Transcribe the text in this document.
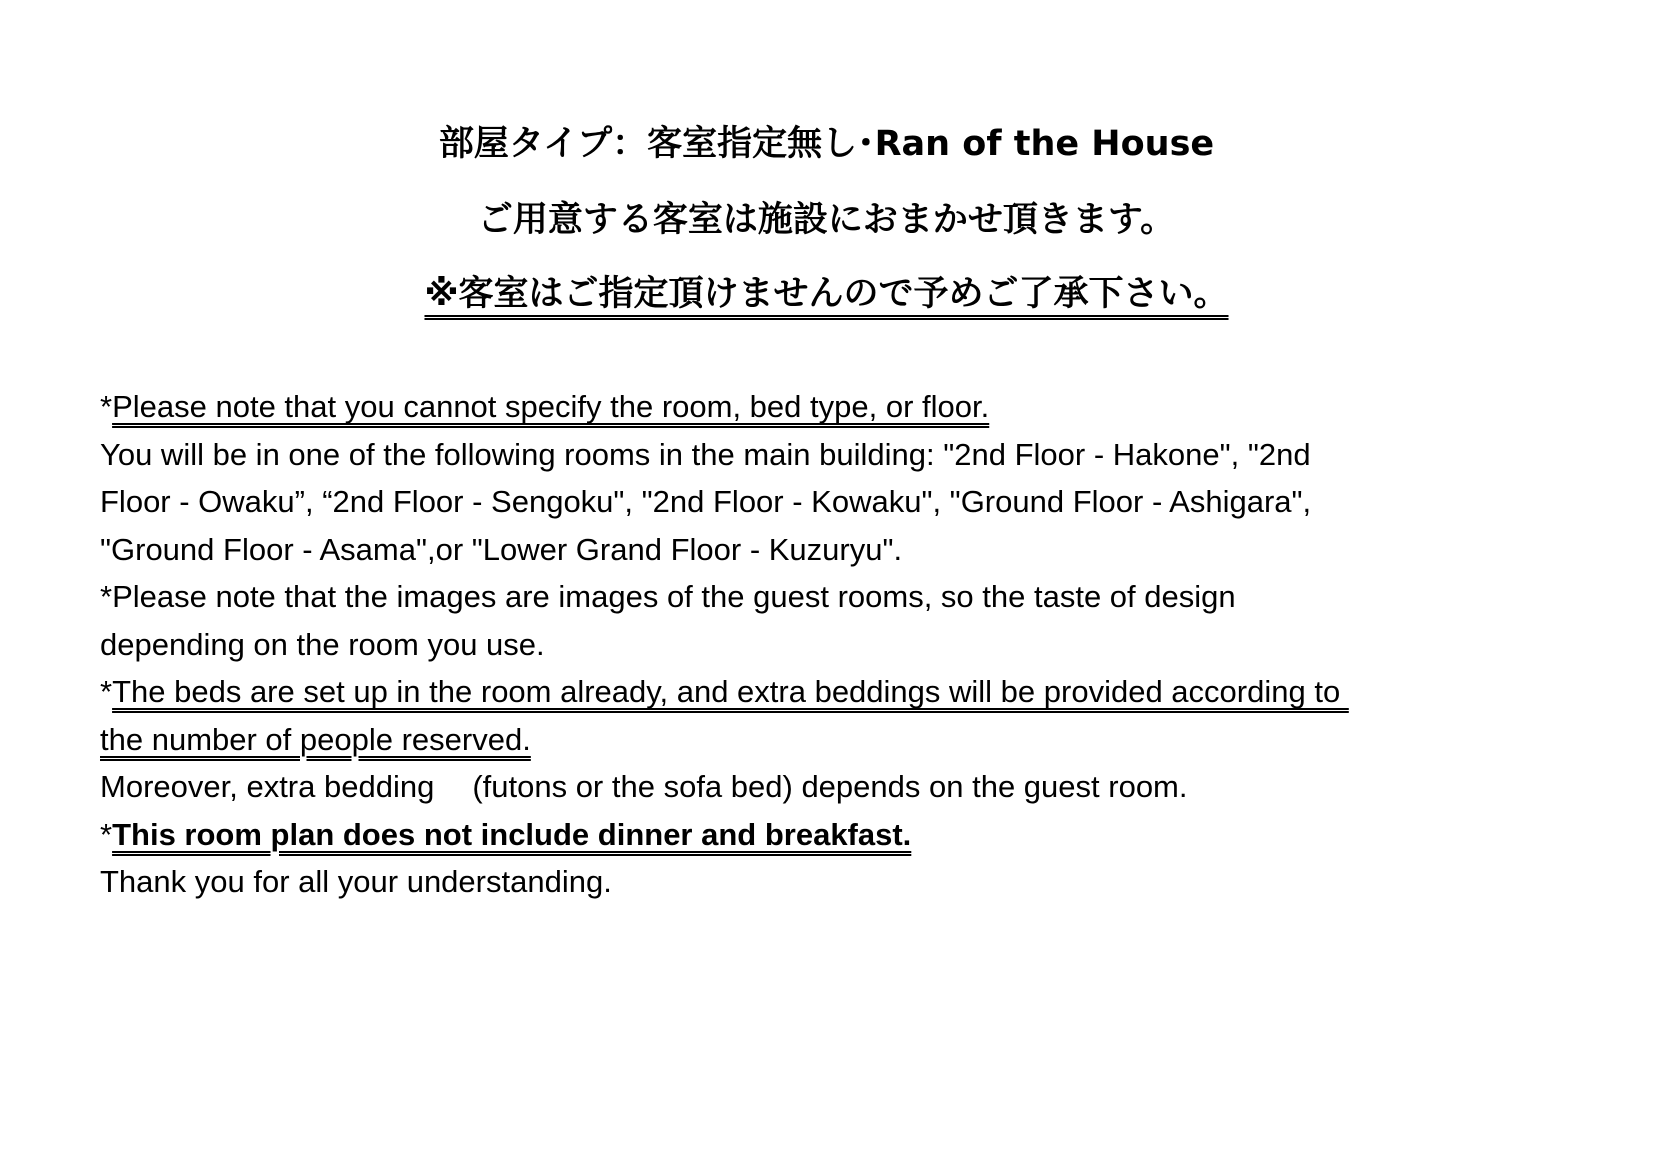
部屋タイプ：客室指定無し･Ran of the House
ご用意する客室は施設におまかせ頂きます。
※客室はご指定頂けませんので予めご了承下さい。

*Please note that you cannot specify the room, bed type, or floor.

You will be in one of the following rooms in the main building: "2nd Floor - Hakone", "2nd

Floor - Owaku”, “2nd Floor - Sengoku", "2nd Floor - Kowaku", "Ground Floor - Ashigara",

"Ground Floor - Asama",or "Lower Grand Floor - Kuzuryu".

*Please note that the images are images of the guest rooms, so the taste of design

depending on the room you use.

*The beds are set up in the room already, and extra beddings will be provided according to

the number of people reserved.

Moreover, extra bedding (futons or the sofa bed) depends on the guest room.

*This room plan does not include dinner and breakfast.

Thank you for all your understanding.
